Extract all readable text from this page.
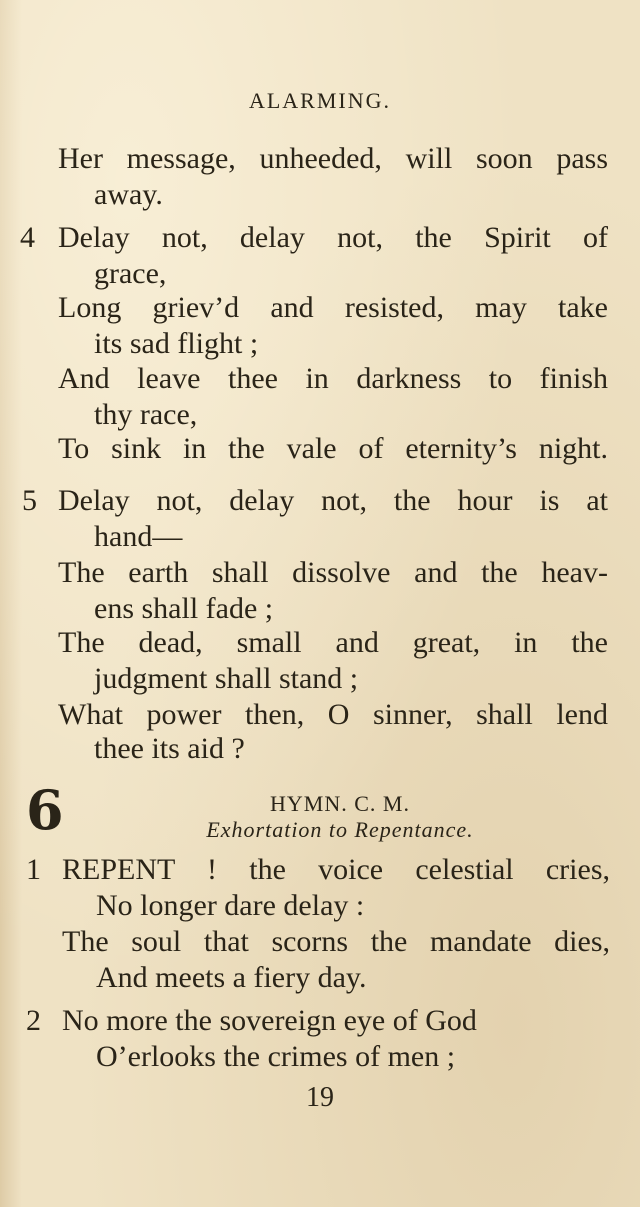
ALARMING.
Her message, unheeded, will soon pass
away.
4 Delay not, delay not, the Spirit of
grace,
Long griev’d and resisted, may take
its sad flight ;
And leave thee in darkness to finish
thy race,
To sink in the vale of eternity’s night.
5 Delay not, delay not, the hour is at
hand—
The earth shall dissolve and the heav-
ens shall fade ;
The dead, small and great, in the
judgment shall stand ;
What power then, O sinner, shall lend
thee its aid ?
6	HYMN. C. M.
Exhortation to Repentance.
1 REPENT ! the voice celestial cries,
No longer dare delay :
The soul that scorns the mandate dies,
And meets a fiery day.
2 No more the sovereign eye of God
O’erlooks the crimes of men ;
19
